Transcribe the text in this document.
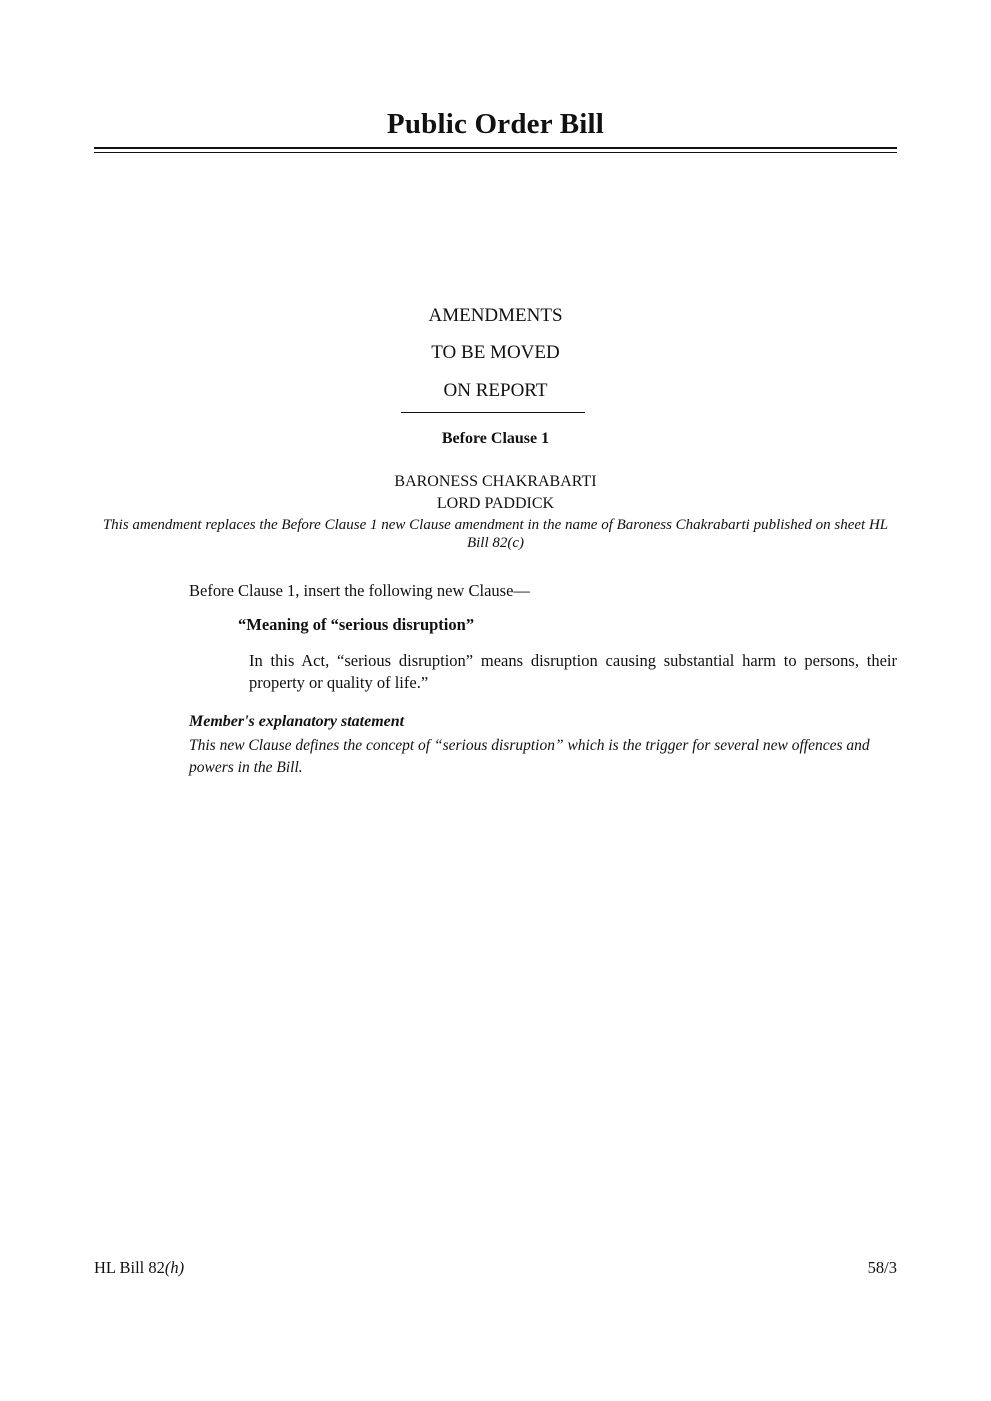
Public Order Bill
AMENDMENTS
TO BE MOVED
ON REPORT
Before Clause 1
BARONESS CHAKRABARTI
LORD PADDICK
This amendment replaces the Before Clause 1 new Clause amendment in the name of Baroness Chakrabarti published on sheet HL Bill 82(c)
Before Clause 1, insert the following new Clause—
“Meaning of “serious disruption”
In this Act, “serious disruption” means disruption causing substantial harm to persons, their property or quality of life.”
Member's explanatory statement
This new Clause defines the concept of “serious disruption” which is the trigger for several new offences and powers in the Bill.
HL Bill 82(h)	58/3
